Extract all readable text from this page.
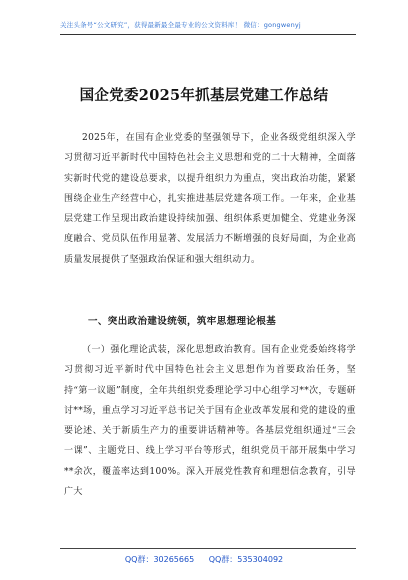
关注头条号“公文研究”，获得最新最全最专业的公文资料库！ 微信：gongwenyj
国企党委2025年抓基层党建工作总结

2025年，在国有企业党委的坚强领导下，企业各级党组织深入学习贯彻习近平新时代中国特色社会主义思想和党的二十大精神，全面落实新时代党的建设总要求，以提升组织力为重点，突出政治功能，紧紧围绕企业生产经营中心，扎实推进基层党建各项工作。一年来，企业基层党建工作呈现出政治建设持续加强、组织体系更加健全、党建业务深度融合、党员队伍作用显著、发展活力不断增强的良好局面，为企业高质量发展提供了坚强政治保证和强大组织动力。

一、突出政治建设统领，筑牢思想理论根基

（一）强化理论武装，深化思想政治教育。国有企业党委始终将学习贯彻习近平新时代中国特色社会主义思想作为首要政治任务，坚持“第一议题”制度，全年共组织党委理论学习中心组学习**次，专题研讨**场，重点学习习近平总书记关于国有企业改革发展和党的建设的重要论述、关于新质生产力的重要讲话精神等。各基层党组织通过“三会一课”、主题党日、线上学习平台等形式，组织党员干部开展集中学习**余次，覆盖率达到100%。深入开展党性教育和理想信念教育，引导广大

QQ群：30265665 QQ群：535304092
